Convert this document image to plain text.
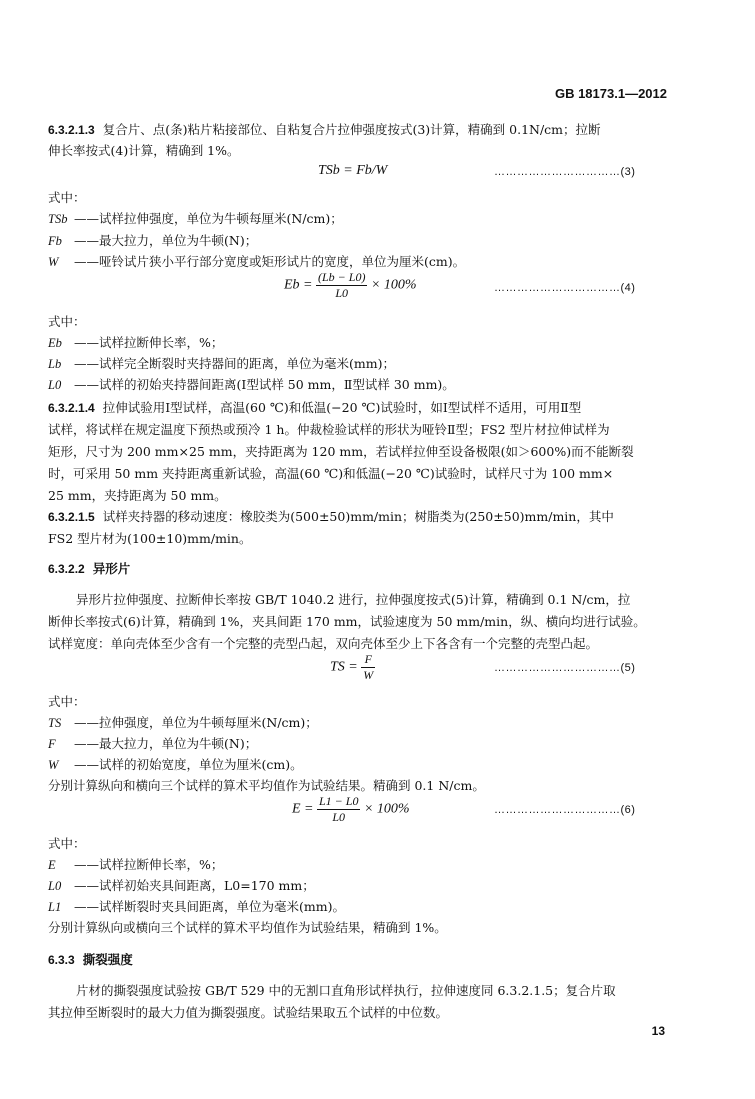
GB 18173.1—2012
6.3.2.1.3 复合片、点(条)粘片粘接部位、自粘复合片拉伸强度按式(3)计算，精确到 0.1N/cm；拉断
伸长率按式(4)计算，精确到 1%。
TSb = Fb/W	……………………………(3)
式中：
TSb ——试样拉伸强度，单位为牛顿每厘米(N/cm)；
Fb ——最大拉力，单位为牛顿(N)；
W ——哑铃试片狭小平行部分宽度或矩形试片的宽度，单位为厘米(cm)。
$Eb = \frac{(Lb - L0)}{L0} \times 100\%$	……………………………(4)
式中：
Eb ——试样拉断伸长率，%；
Lb ——试样完全断裂时夹持器间的距离，单位为毫米(mm)；
L0 ——试样的初始夹持器间距离(Ⅰ型试样 50 mm，Ⅱ型试样 30 mm)。
6.3.2.1.4 拉伸试验用Ⅰ型试样，高温(60 ℃)和低温(−20 ℃)试验时，如Ⅰ型试样不适用，可用Ⅱ型
试样，将试样在规定温度下预热或预冷 1 h。仲裁检验试样的形状为哑铃Ⅱ型；FS2 型片材拉伸试样为
矩形，尺寸为 200 mm×25 mm，夹持距离为 120 mm，若试样拉伸至设备极限(如＞600%)而不能断裂
时，可采用 50 mm 夹持距离重新试验，高温(60 ℃)和低温(−20 ℃)试验时，试样尺寸为 100 mm×
25 mm，夹持距离为 50 mm。
6.3.2.1.5 试样夹持器的移动速度：橡胶类为(500±50)mm/min；树脂类为(250±50)mm/min，其中
FS2 型片材为(100±10)mm/min。
6.3.2.2 异形片
异形片拉伸强度、拉断伸长率按 GB/T 1040.2 进行，拉伸强度按式(5)计算，精确到 0.1 N/cm，拉
断伸长率按式(6)计算，精确到 1%，夹具间距 170 mm，试验速度为 50 mm/min，纵、横向均进行试验。
试样宽度：单向壳体至少含有一个完整的壳型凸起，双向壳体至少上下各含有一个完整的壳型凸起。
TS = $\frac{F}{W}$	……………………………(5)
式中：
TS ——拉伸强度，单位为牛顿每厘米(N/cm)；
F ——最大拉力，单位为牛顿(N)；
W ——试样的初始宽度，单位为厘米(cm)。
分别计算纵向和横向三个试样的算术平均值作为试验结果。精确到 0.1 N/cm。
$E = \frac{L1 - L0}{L0} \times 100\%$	……………………………(6)
式中：
E ——试样拉断伸长率，%；
L0 ——试样初始夹具间距离，L0=170 mm；
L1 ——试样断裂时夹具间距离，单位为毫米(mm)。
分别计算纵向或横向三个试样的算术平均值作为试验结果，精确到 1%。
6.3.3 撕裂强度
片材的撕裂强度试验按 GB/T 529 中的无割口直角形试样执行，拉伸速度同 6.3.2.1.5；复合片取
其拉伸至断裂时的最大力值为撕裂强度。试验结果取五个试样的中位数。
13
